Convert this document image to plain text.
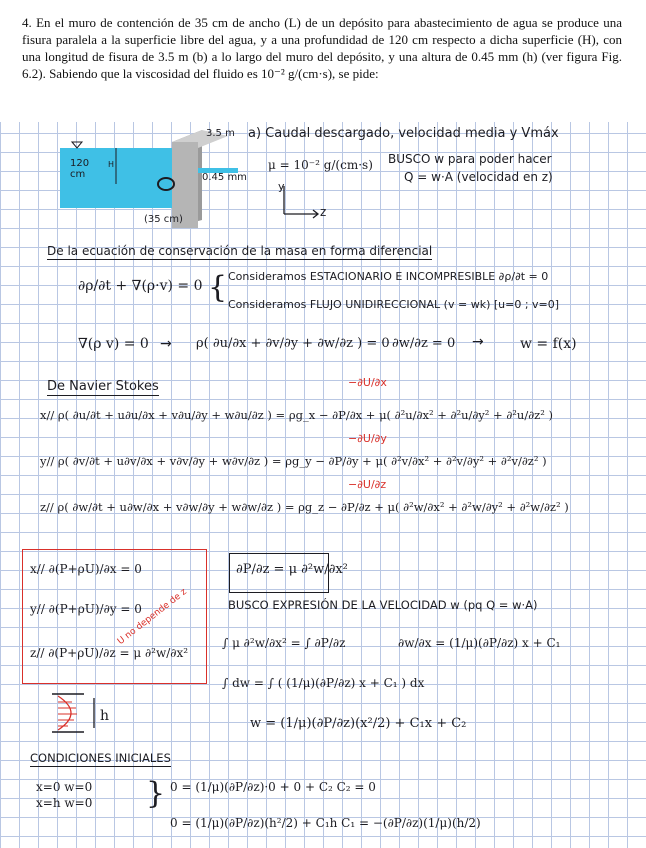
4. En el muro de contención de 35 cm de ancho (L) de un depósito para abastecimiento de agua se produce una fisura paralela a la superficie libre del agua, y a una profundidad de 120 cm respecto a dicha superficie (H), con una longitud de fisura de 3.5 m (b) a lo largo del muro del depósito, y una altura de 0.45 mm (h) (ver figura Fig. 6.2). Sabiendo que la viscosidad del fluido es 10⁻² g/(cm·s), se pide:

120 cm
H
3.5 m
0.45 mm
(35 cm)
z
y
a) Caudal descargado, velocidad media y Vmáx
μ = 10⁻² g/(cm·s) BUSCO w para poder hacer
Q = w·A (velocidad en z)
De la ecuación de conservación de la masa en forma diferencial
∂ρ/∂t + ∇(ρ·v) = 0 { Consideramos ESTACIONARIO E INCOMPRESIBLE ∂ρ/∂t = 0
Consideramos FLUJO UNIDIRECCIONAL (v = wk) [u=0 ; v=0]
∇(ρ v) = 0 → ρ( ∂u/∂x + ∂v/∂y + ∂w/∂z ) = 0 ∂w/∂z = 0 →	w = f(x)
De Navier Stokes	−∂U/∂x
x// ρ( ∂u/∂t + u∂u/∂x + v∂u/∂y + w∂u/∂z ) = ρg_x − ∂P/∂x + μ( ∂²u/∂x² + ∂²u/∂y² + ∂²u/∂z² )
−∂U/∂y
y// ρ( ∂v/∂t + u∂v/∂x + v∂v/∂y + w∂v/∂z ) = ρg_y − ∂P/∂y + μ( ∂²v/∂x² + ∂²v/∂y² + ∂²v/∂z² )
−∂U/∂z
z// ρ( ∂w/∂t + u∂w/∂x + v∂w/∂y + w∂w/∂z ) = ρg_z − ∂P/∂z + μ( ∂²w/∂x² + ∂²w/∂y² + ∂²w/∂z² )
x// ∂(P+ρU)/∂x = 0
y// ∂(P+ρU)/∂y = 0
z// ∂(P+ρU)/∂z = μ ∂²w/∂x²
U no depende de z
∂P/∂z = μ ∂²w/∂x²
BUSCO EXPRESIÓN DE LA VELOCIDAD w (pq Q = w·A)
∫ μ ∂²w/∂x² = ∫ ∂P/∂z	∂w/∂x = (1/μ)(∂P/∂z) x + C₁
∫ dw = ∫ ( (1/μ)(∂P/∂z) x + C₁ ) dx
w = (1/μ)(∂P/∂z)(x²/2) + C₁x + C₂
h
CONDICIONES INICIALES
x=0 w=0
x=h w=0 } 0 = (1/μ)(∂P/∂z)·0 + 0 + C₂ C₂ = 0
0 = (1/μ)(∂P/∂z)(h²/2) + C₁h C₁ = −(∂P/∂z)(1/μ)(h/2)
